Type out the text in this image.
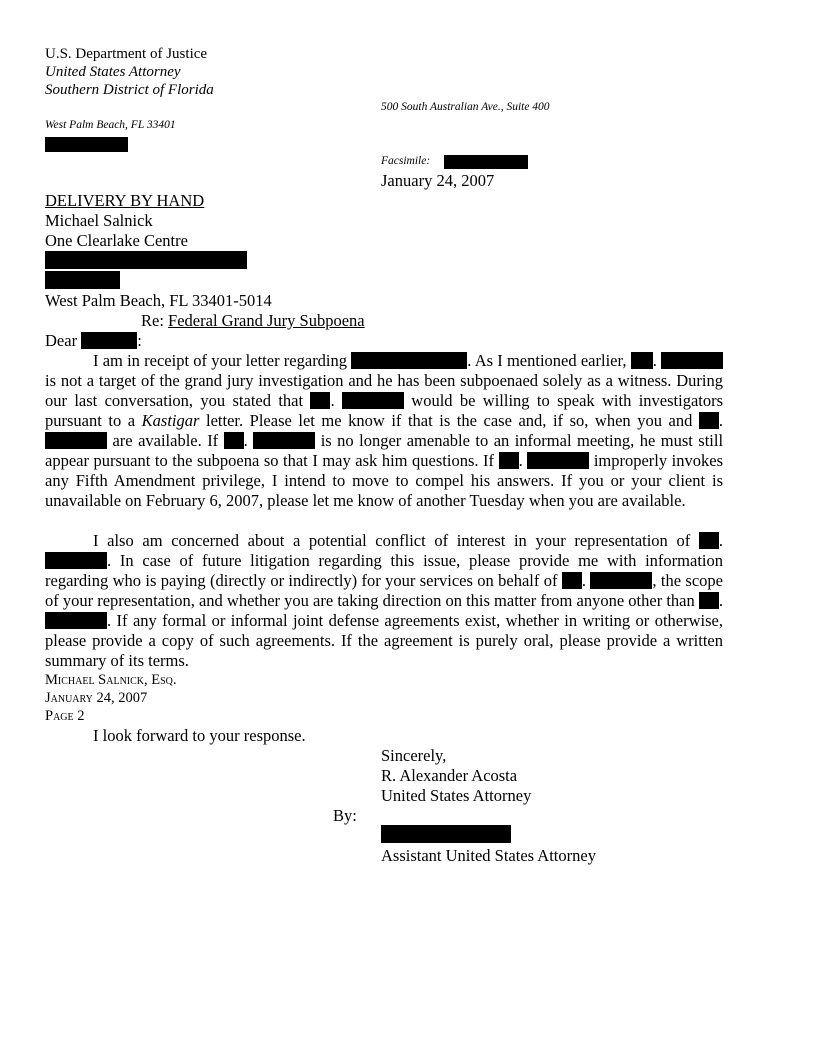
U.S. Department of Justice
United States Attorney
Southern District of Florida
500 South Australian Ave., Suite 400
West Palm Beach, FL 33401
Facsimile:
January 24, 2007
DELIVERY BY HAND
Michael Salnick
One Clearlake Centre
West Palm Beach, FL 33401-5014
Re: Federal Grand Jury Subpoena
Dear	:
I am in receipt of your letter regarding	. As I mentioned earlier, .  is not a target of the grand jury investigation and he has been subpoenaed solely as a witness. During our last conversation, you stated that .	would be willing to speak with investigators pursuant to a Kastigar letter. Please let me know if that is the case and, if so, when you and .  are available. If .	is no longer amenable to an informal meeting, he must still appear pursuant to the subpoena so that I may ask him questions. If .	improperly invokes any Fifth Amendment privilege, I intend to move to compel his answers. If you or your client is unavailable on February 6, 2007, please let me know of another Tuesday when you are available.
I also am concerned about a potential conflict of interest in your representation of . . In case of future litigation regarding this issue, please provide me with information regarding who is paying (directly or indirectly) for your services on behalf of .	, the scope of your representation, and whether you are taking direction on this matter from anyone other than . . If any formal or informal joint defense agreements exist, whether in writing or otherwise, please provide a copy of such agreements. If the agreement is purely oral, please provide a written summary of its terms.
Michael Salnick, Esq.
January 24, 2007
Page 2
I look forward to your response.
Sincerely,
R. Alexander Acosta
United States Attorney
By:
Assistant United States Attorney
